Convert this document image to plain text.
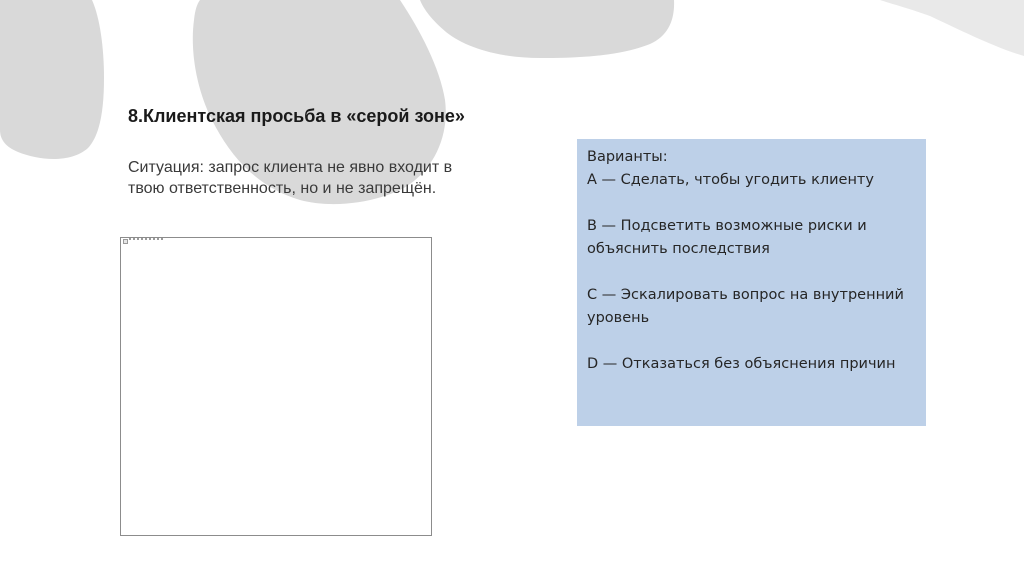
8.Клиентская просьба в «серой зоне»
Ситуация: запрос клиента не явно входит в твою ответственность, но и не запрещён.
Варианты:
A — Сделать, чтобы угодить клиенту
B — Подсветить возможные риски и объяснить последствия
C — Эскалировать вопрос на внутренний уровень
D — Отказаться без объяснения причин
